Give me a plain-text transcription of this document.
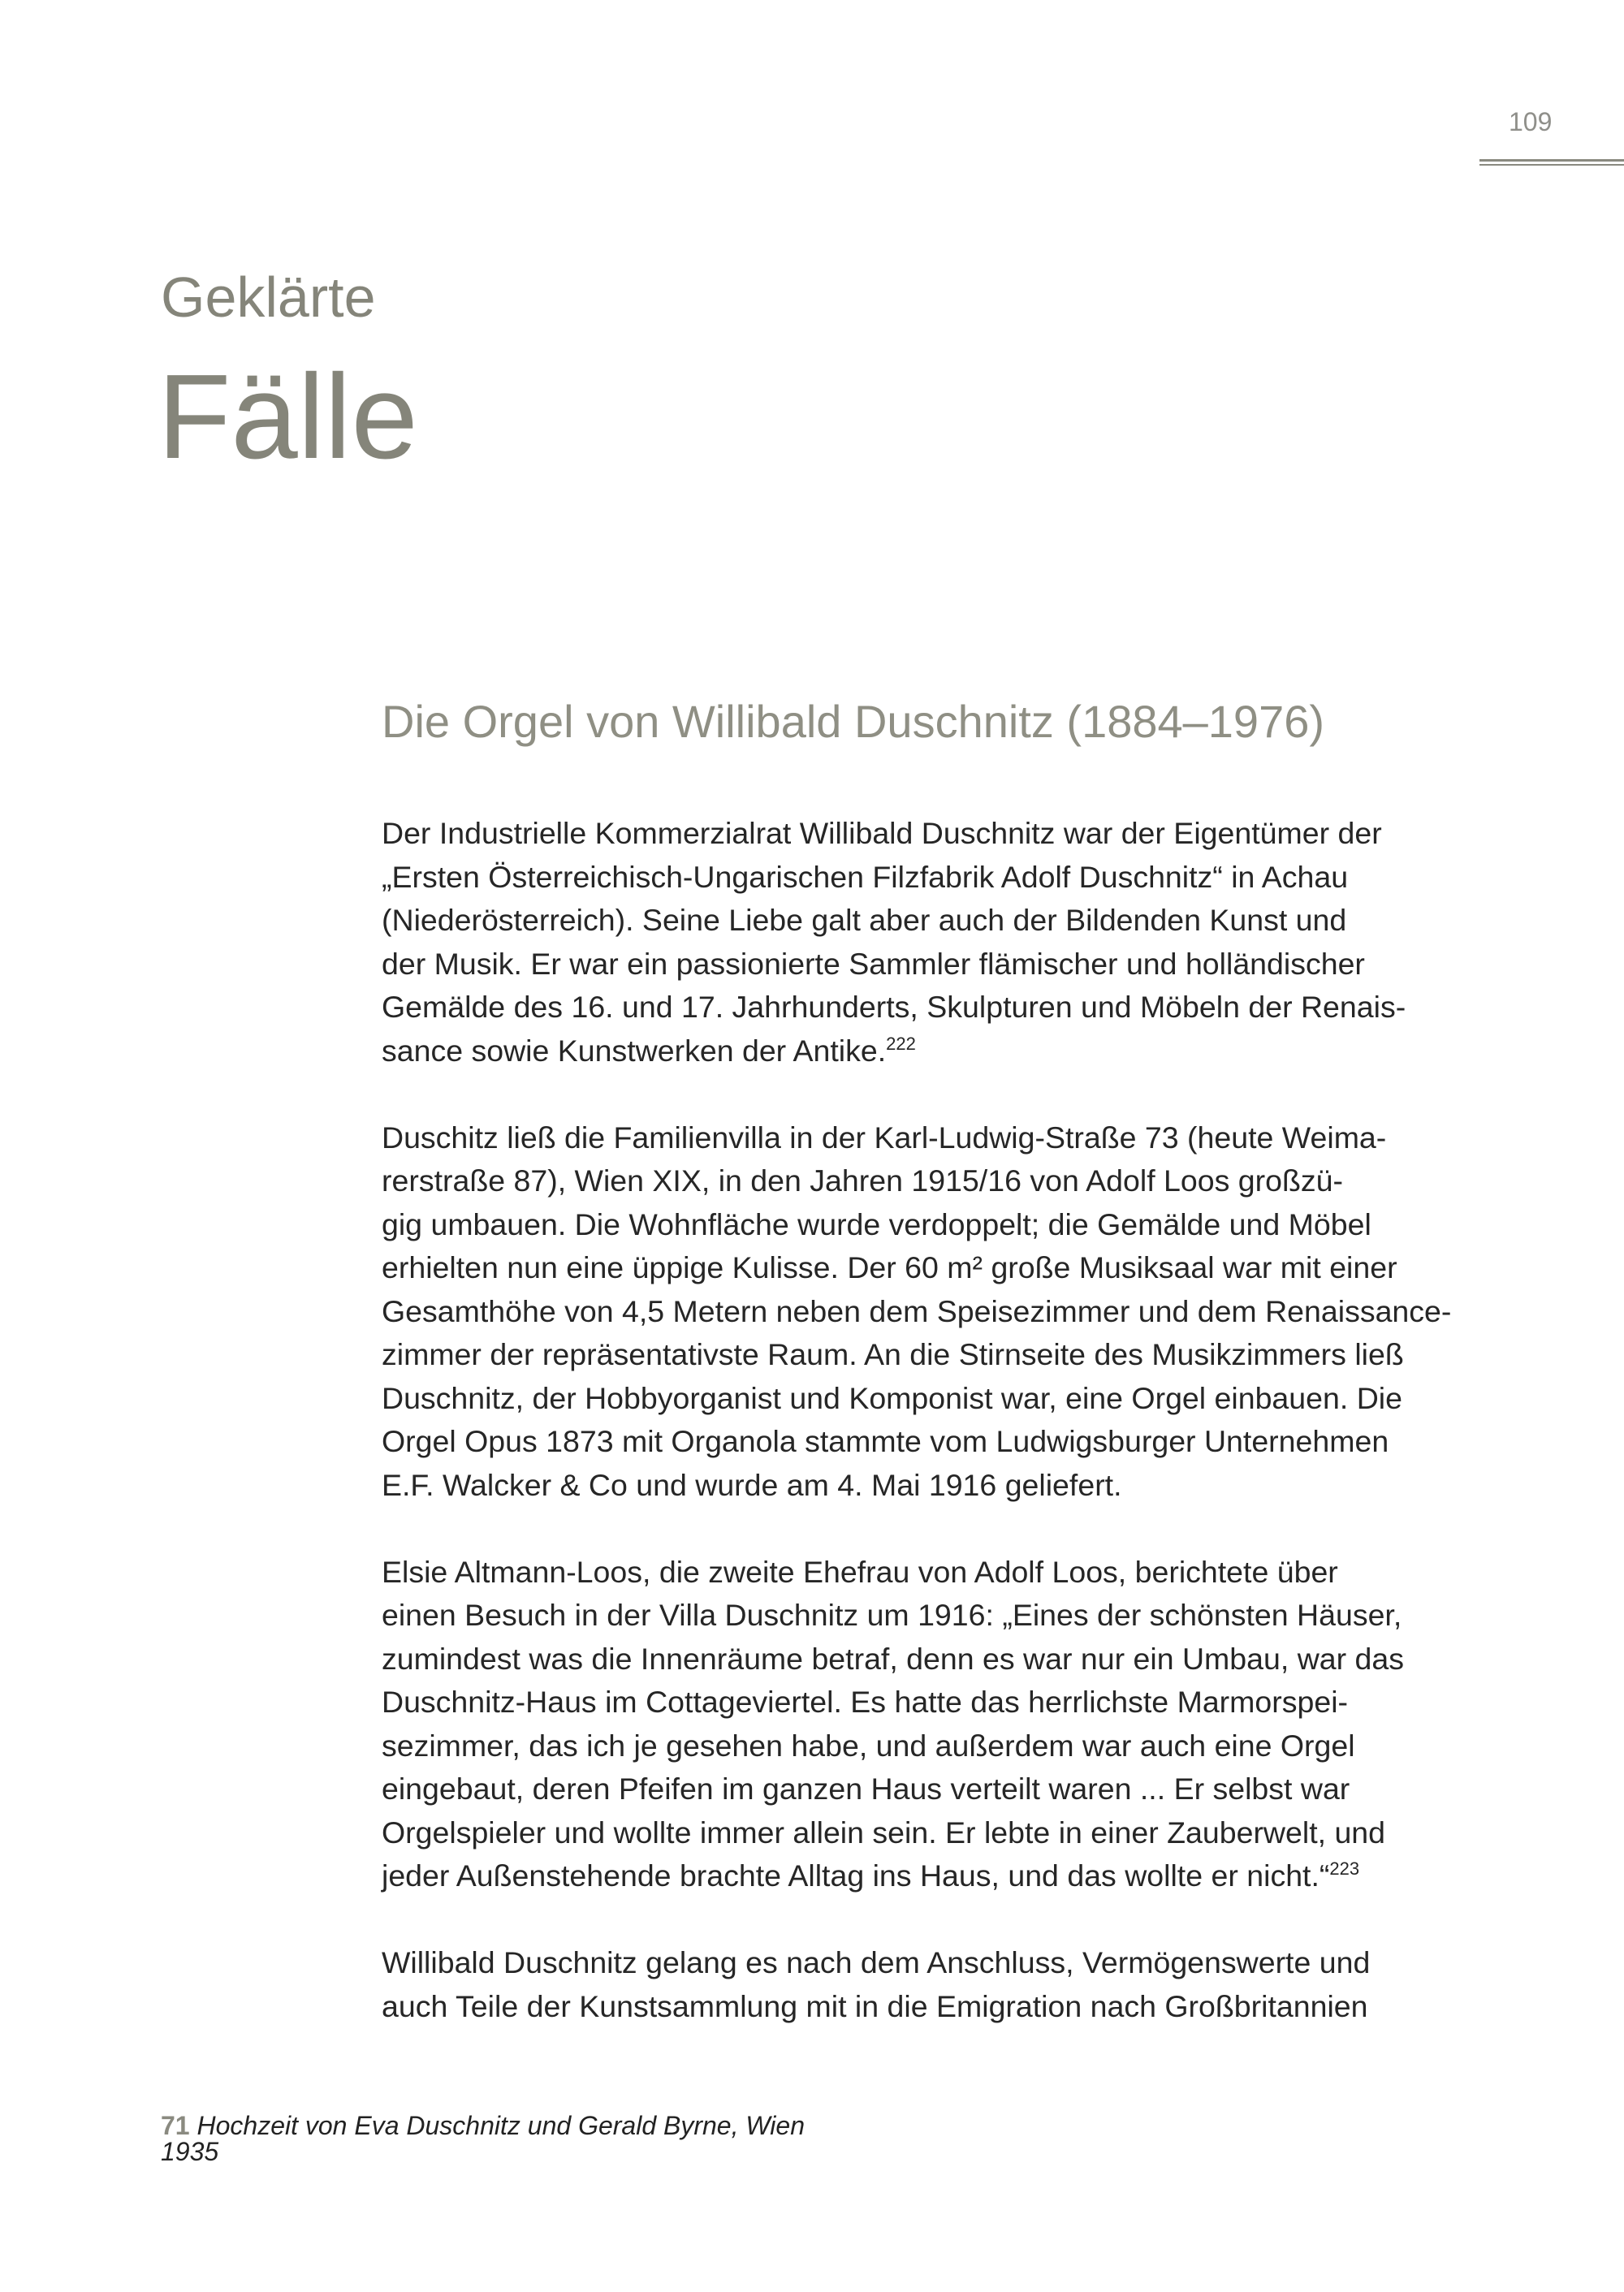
109
Geklärte
Fälle
Die Orgel von Willibald Duschnitz (1884–1976)
Der Industrielle Kommerzialrat Willibald Duschnitz war der Eigentümer der
„Ersten Österreichisch-Ungarischen Filzfabrik Adolf Duschnitz“ in Achau
(Niederösterreich). Seine Liebe galt aber auch der Bildenden Kunst und
der Musik. Er war ein passionierte Sammler flämischer und holländischer
Gemälde des 16. und 17. Jahrhunderts, Skulpturen und Möbeln der Renais-
sance sowie Kunstwerken der Antike.$^{222}$
Duschitz ließ die Familienvilla in der Karl-Ludwig-Straße 73 (heute Weima-
rerstraße 87), Wien XIX, in den Jahren 1915/16 von Adolf Loos großzü-
gig umbauen. Die Wohnfläche wurde verdoppelt; die Gemälde und Möbel
erhielten nun eine üppige Kulisse. Der 60 m² große Musiksaal war mit einer
Gesamthöhe von 4,5 Metern neben dem Speisezimmer und dem Renaissance-
zimmer der repräsentativste Raum. An die Stirnseite des Musikzimmers ließ
Duschnitz, der Hobbyorganist und Komponist war, eine Orgel einbauen. Die
Orgel Opus 1873 mit Organola stammte vom Ludwigsburger Unternehmen
E.F. Walcker & Co und wurde am 4. Mai 1916 geliefert.
Elsie Altmann-Loos, die zweite Ehefrau von Adolf Loos, berichtete über
einen Besuch in der Villa Duschnitz um 1916: „Eines der schönsten Häuser,
zumindest was die Innenräume betraf, denn es war nur ein Umbau, war das
Duschnitz-Haus im Cottageviertel. Es hatte das herrlichste Marmorspei-
sezimmer, das ich je gesehen habe, und außerdem war auch eine Orgel
eingebaut, deren Pfeifen im ganzen Haus verteilt waren ... Er selbst war
Orgelspieler und wollte immer allein sein. Er lebte in einer Zauberwelt, und
jeder Außenstehende brachte Alltag ins Haus, und das wollte er nicht.“$^{223}$
Willibald Duschnitz gelang es nach dem Anschluss, Vermögenswerte und
auch Teile der Kunstsammlung mit in die Emigration nach Großbritannien
71 Hochzeit von Eva Duschnitz und Gerald Byrne, Wien
1935
